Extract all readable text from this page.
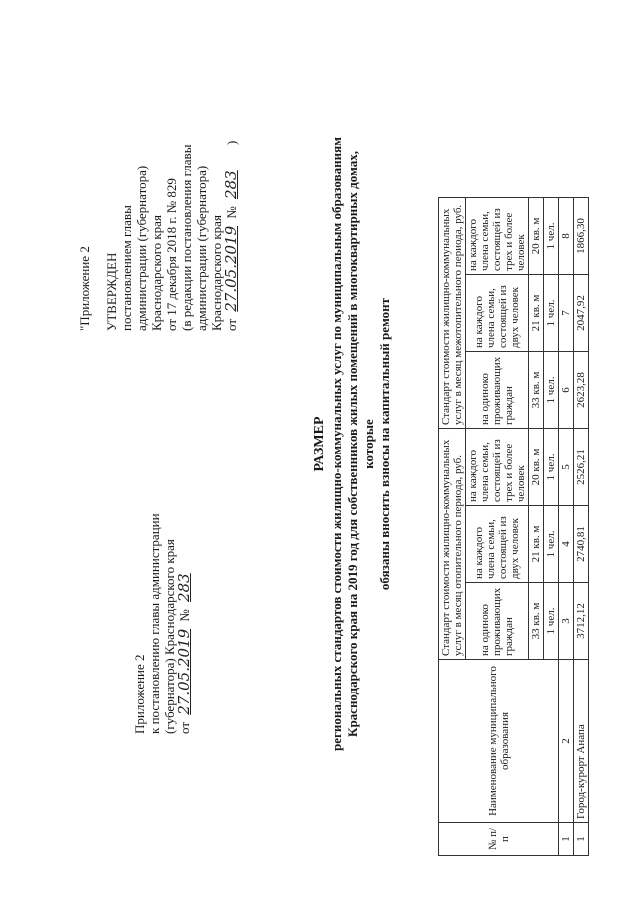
Приложение 2 к постановлению главы администрации (губернатора) Краснодарского края от 27.05.2019 № 283
"Приложение 2 УТВЕРЖДЕН постановлением главы администрации (губернатора) Краснодарского края от 17 декабря 2018 г. № 829 (в редакции постановления главы администрации (губернатора) Краснодарского края от 27.05.2019 № 283 )
РАЗМЕР региональных стандартов стоимости жилищно-коммунальных услуг по муниципальным образованиям Краснодарского края на 2019 год для собственников жилых помещений в многоквартирных домах, которые обязаны вносить взносы на капитальный ремонт
№ п/п	Наименование муниципального образования	Стандарт стоимости жилищно-коммунальных услуг в месяц отопительного периода, руб.			Стандарт стоимости жилищно-коммунальных услуг в месяц межотопительного периода, руб.		
		на одиноко проживающих граждан	на каждого члена семьи, состоящей из двух человек	на каждого члена семьи, состоящей из трех и более человек	на одиноко проживающих граждан	на каждого члена семьи, состоящей из двух человек	на каждого члена семьи, состоящей из трех и более человек
		33 кв. м	21 кв. м	20 кв. м	33 кв. м	21 кв. м	20 кв. м
		1 чел.	1 чел.	1 чел.	1 чел.	1 чел.	1 чел.
1	2	3	4	5	6	7	8
1	Город-курорт Анапа	3712,12	2740,81	2526,21	2623,28	2047,92	1866,30
